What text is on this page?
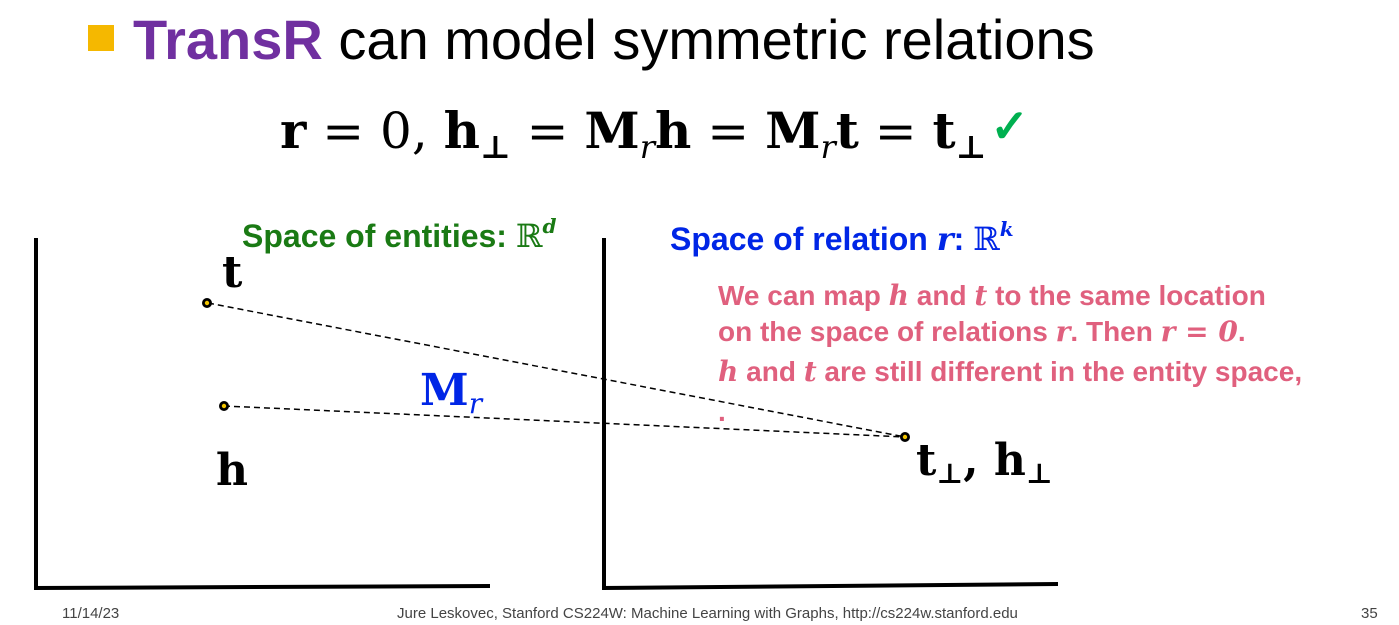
TransR can model symmetric relations
r = 0, $h_\perp = M_rh = M_rt$ = $t_\perp✓$
Space of entities: ℝ$^d$	Space of relation r: ℝ$^k$
t
h	$t_\perp$, $h_\perp$
$M_r$
We can map h and t to the same location
on the space of relations r. Then r = 0.
h and t are still different in the entity space,
.
11/14/23	Jure Leskovec, Stanford CS224W: Machine Learning with Graphs, http://cs224w.stanford.edu	35
